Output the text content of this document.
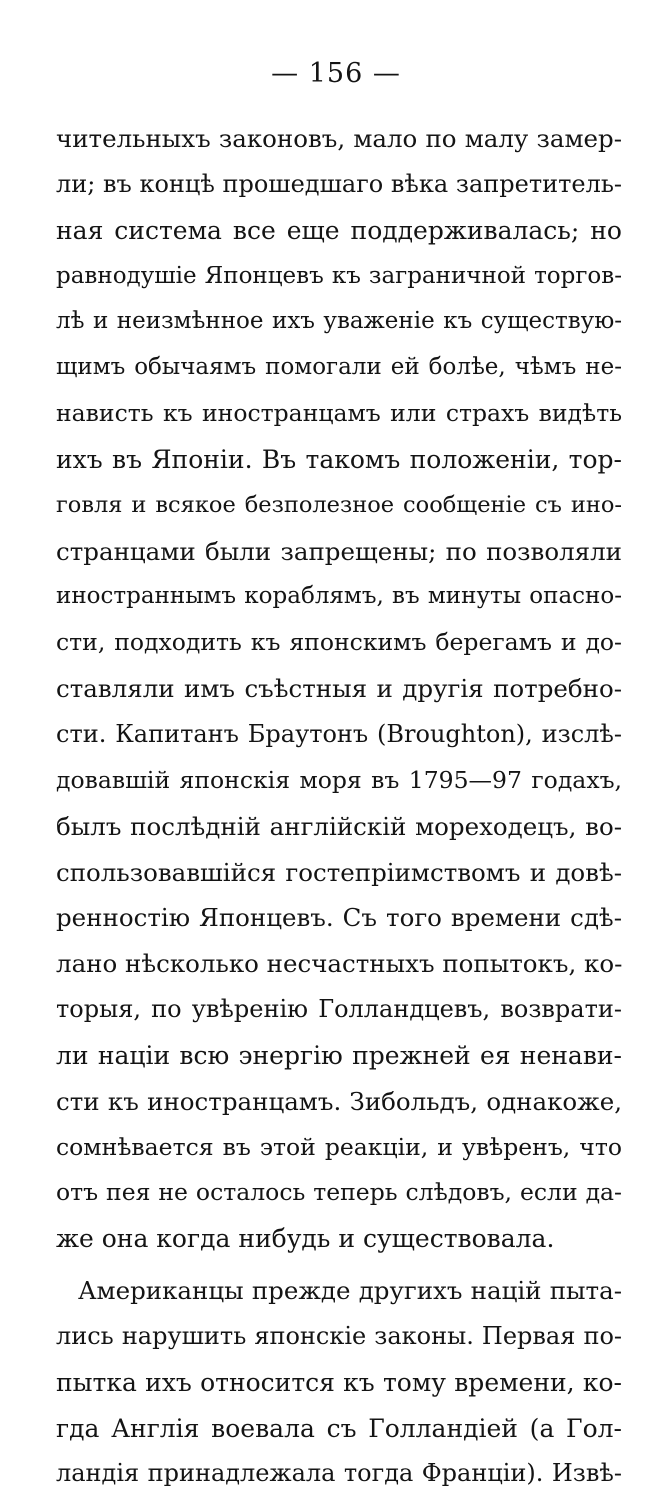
— 156 —
чительныхъ законовъ, мало по малу замер-
ли; въ концѣ прошедшаго вѣка запретитель-
ная система все еще поддерживалась; но
равнодушіе Японцевъ къ заграничной торгов-
лѣ и неизмѣнное ихъ уваженіе къ существую-
щимъ обычаямъ помогали ей болѣе, чѣмъ не-
нависть къ иностранцамъ или страхъ видѣть
ихъ въ Японіи. Въ такомъ положеніи, тор-
говля и всякое безполезное сообщеніе съ ино-
странцами были запрещены; по позволяли
иностраннымъ кораблямъ, въ минуты опасно-
сти, подходить къ японскимъ берегамъ и до-
ставляли имъ съѣстныя и другія потребно-
сти. Капитанъ Браутонъ (Broughton), изслѣ-
довавшій японскія моря въ 1795—97 годахъ,
былъ послѣдній англійскій мореходецъ, во-
спользовавшійся гостепріимствомъ и довѣ-
ренностію Японцевъ. Съ того времени сдѣ-
лано нѣсколько несчастныхъ попытокъ, ко-
торыя, по увѣренію Голландцевъ, возврати-
ли націи всю энергію прежней ея ненави-
сти къ иностранцамъ. Зибольдъ, однакоже,
сомнѣвается въ этой реакціи, и увѣренъ, что
отъ пея не осталось теперь слѣдовъ, если да-
же она когда нибудь и существовала.
Американцы прежде другихъ націй пыта-
лись нарушить японскіе законы. Первая по-
пытка ихъ относится къ тому времени, ко-
гда Англія воевала съ Голландіей (а Гол-
ландія принадлежала тогда Франціи). Извѣ-
